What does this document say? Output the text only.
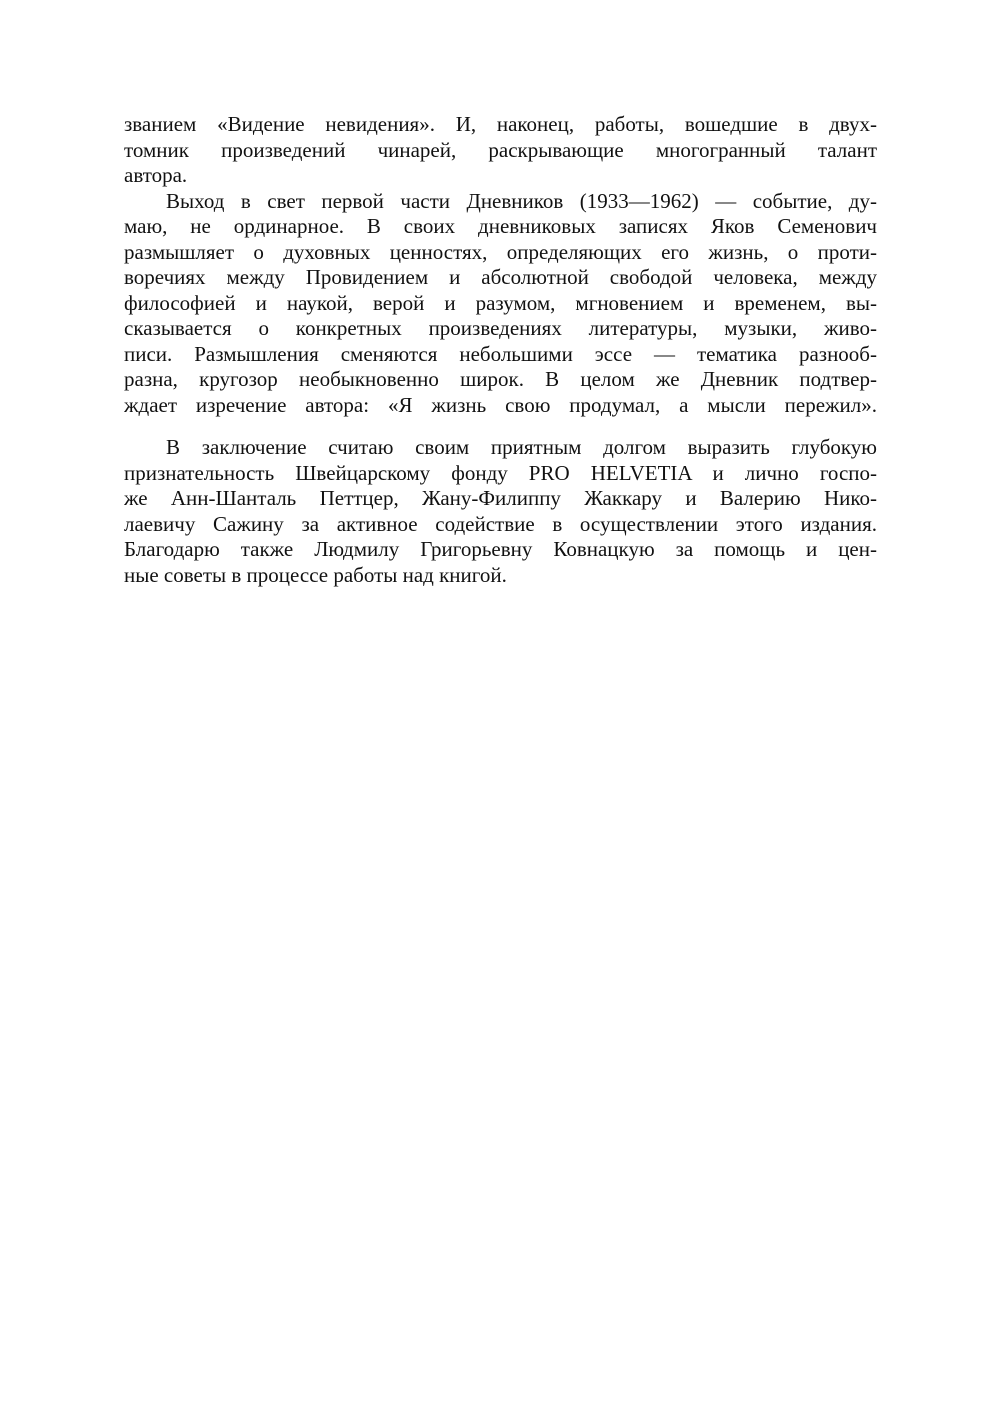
званием «Видение невидения». И, наконец, работы, вошедшие в двух-
томник произведений чинарей, раскрывающие многогранный талант
автора.
Выход в свет первой части Дневников (1933—1962) — событие, ду-
маю, не ординарное. В своих дневниковых записях Яков Семенович
размышляет о духовных ценностях, определяющих его жизнь, о проти-
воречиях между Провидением и абсолютной свободой человека, между
философией и наукой, верой и разумом, мгновением и временем, вы-
сказывается о конкретных произведениях литературы, музыки, живо-
писи. Размышления сменяются небольшими эссе — тематика разнооб-
разна, кругозор необыкновенно широк. В целом же Дневник подтвер-
ждает изречение автора: «Я жизнь свою продумал, а мысли пережил».
В заключение считаю своим приятным долгом выразить глубокую
признательность Швейцарскому фонду PRO HELVETIA и лично госпо-
же Анн-Шанталь Петтцер, Жану-Филиппу Жаккару и Валерию Нико-
лаевичу Сажину за активное содействие в осуществлении этого издания.
Благодарю также Людмилу Григорьевну Ковнацкую за помощь и цен-
ные советы в процессе работы над книгой.
